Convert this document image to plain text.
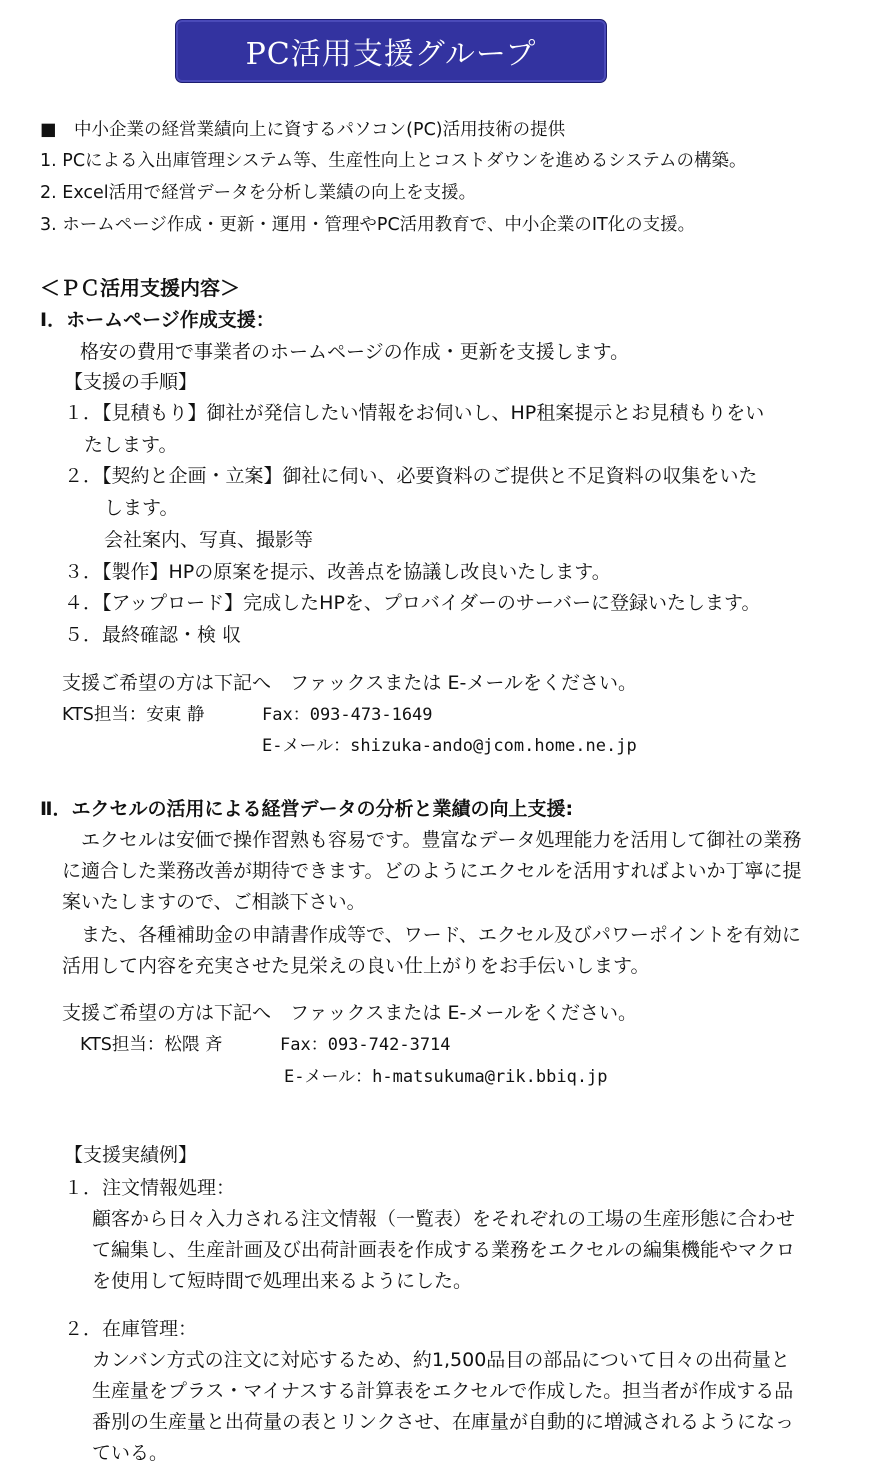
PC活用支援グループ
■　中小企業の経営業績向上に資するパソコン(PC)活用技術の提供
1. PCによる入出庫管理システム等、生産性向上とコストダウンを進めるシステムの構築。
2. Excel活用で経営データを分析し業績の向上を支援。
3. ホームページ作成・更新・運用・管理やPC活用教育で、中小企業のIT化の支援。
＜ＰＣ活用支援内容＞
Ⅰ．ホームページ作成支援：
格安の費用で事業者のホームページの作成・更新を支援します。
【支援の手順】
１．【見積もり】御社が発信したい情報をお伺いし、HP租案提示とお見積もりをい
たします。
２．【契約と企画・立案】御社に伺い、必要資料のご提供と不足資料の収集をいた
します。
会社案内、写真、撮影等
３．【製作】HPの原案を提示、改善点を協議し改良いたします。
４．【アップロード】完成したHPを、プロバイダーのサーバーに登録いたします。
５．最終確認・検 収
支援ご希望の方は下記へ　ファックスまたは E-メールをください。
KTS担当：安東 静	Fax：093-473-1649
E-メール：shizuka-ando@jcom.home.ne.jp
Ⅱ．エクセルの活用による経営データの分析と業績の向上支援:
　エクセルは安価で操作習熟も容易です。豊富なデータ処理能力を活用して御社の業務
に適合した業務改善が期待できます。どのようにエクセルを活用すればよいか丁寧に提
案いたしますので、ご相談下さい。
　また、各種補助金の申請書作成等で、ワード、エクセル及びパワーポイントを有効に
活用して内容を充実させた見栄えの良い仕上がりをお手伝いします。
支援ご希望の方は下記へ　ファックスまたは E-メールをください。
KTS担当：松隈 斉	Fax：093-742-3714
E-メール：h-matsukuma@rik.bbiq.jp
【支援実績例】
１．注文情報処理：
顧客から日々入力される注文情報（一覧表）をそれぞれの工場の生産形態に合わせ
て編集し、生産計画及び出荷計画表を作成する業務をエクセルの編集機能やマクロ
を使用して短時間で処理出来るようにした。
２．在庫管理：
カンバン方式の注文に対応するため、約1,500品目の部品について日々の出荷量と
生産量をプラス・マイナスする計算表をエクセルで作成した。担当者が作成する品
番別の生産量と出荷量の表とリンクさせ、在庫量が自動的に増減されるようになっ
ている。
